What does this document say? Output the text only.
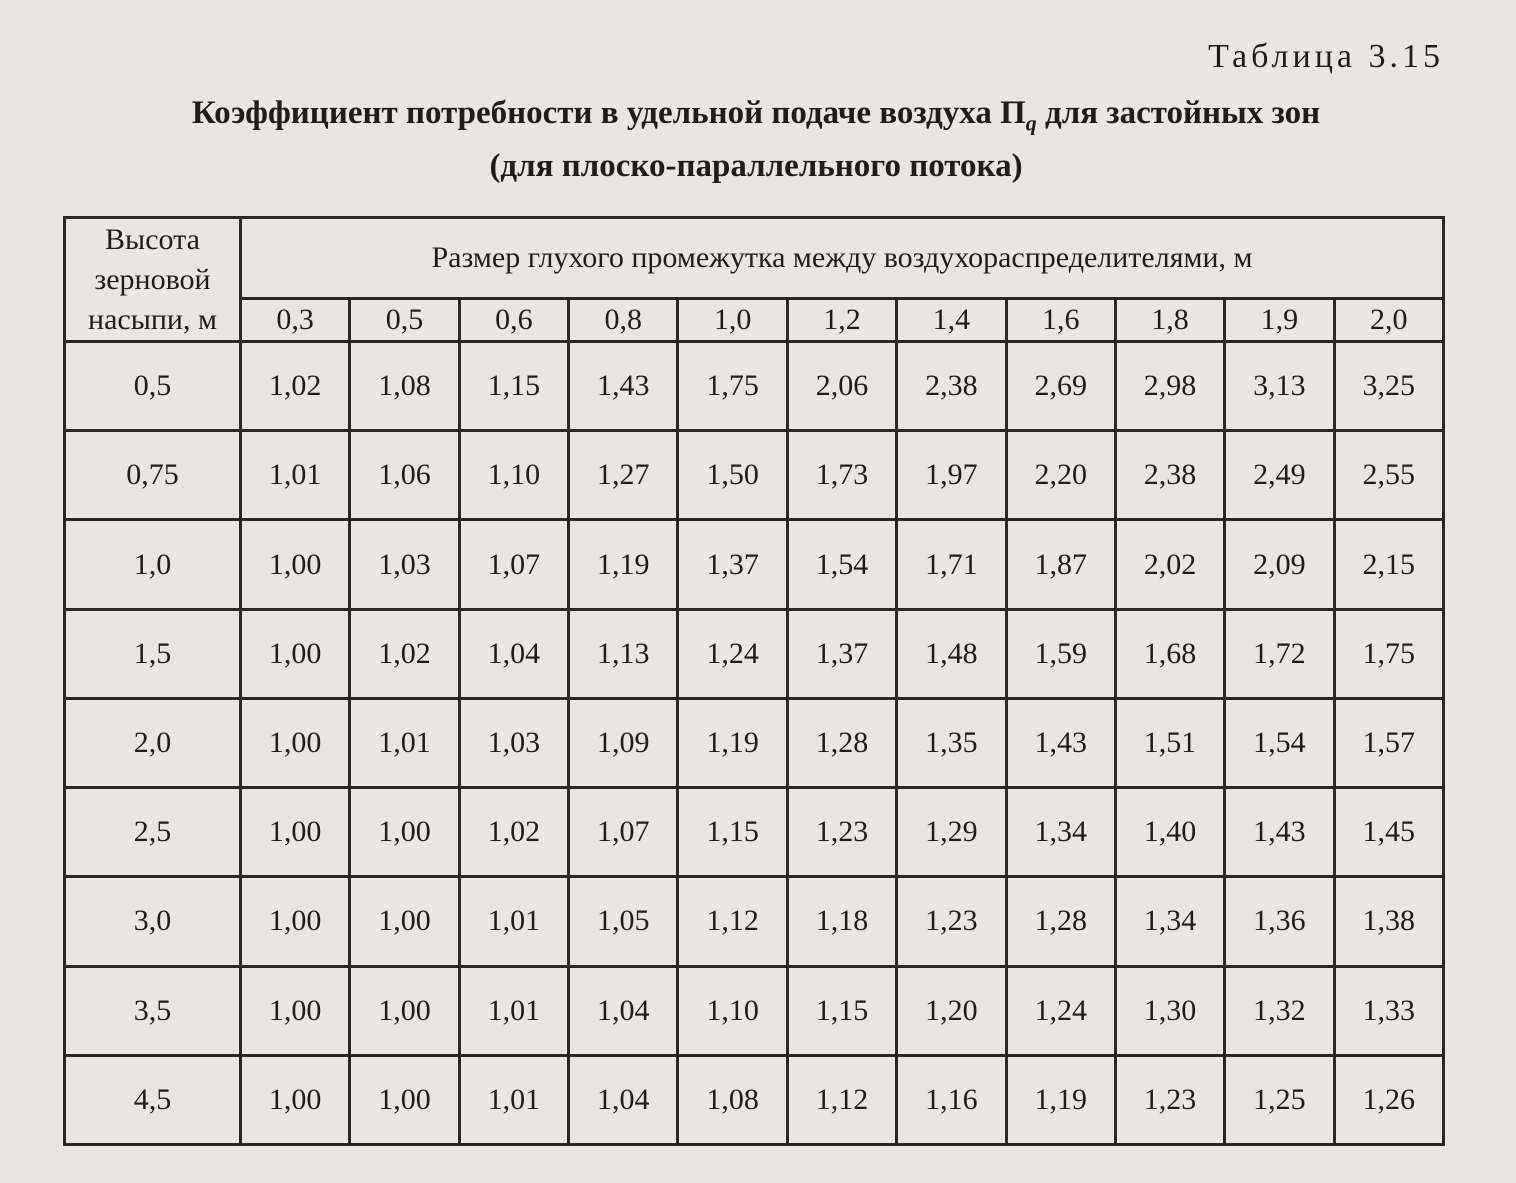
Таблица 3.15
Коэффициент потребности в удельной подаче воздуха $П_q$ для застойных зон
(для плоско-параллельного потока)
Высота зерновой насыпи, м	Размер глухого промежутка между воздухораспределителями, м										
	0,3	0,5	0,6	0,8	1,0	1,2	1,4	1,6	1,8	1,9	2,0
0,5	1,02	1,08	1,15	1,43	1,75	2,06	2,38	2,69	2,98	3,13	3,25
0,75	1,01	1,06	1,10	1,27	1,50	1,73	1,97	2,20	2,38	2,49	2,55
1,0	1,00	1,03	1,07	1,19	1,37	1,54	1,71	1,87	2,02	2,09	2,15
1,5	1,00	1,02	1,04	1,13	1,24	1,37	1,48	1,59	1,68	1,72	1,75
2,0	1,00	1,01	1,03	1,09	1,19	1,28	1,35	1,43	1,51	1,54	1,57
2,5	1,00	1,00	1,02	1,07	1,15	1,23	1,29	1,34	1,40	1,43	1,45
3,0	1,00	1,00	1,01	1,05	1,12	1,18	1,23	1,28	1,34	1,36	1,38
3,5	1,00	1,00	1,01	1,04	1,10	1,15	1,20	1,24	1,30	1,32	1,33
4,5	1,00	1,00	1,01	1,04	1,08	1,12	1,16	1,19	1,23	1,25	1,26
